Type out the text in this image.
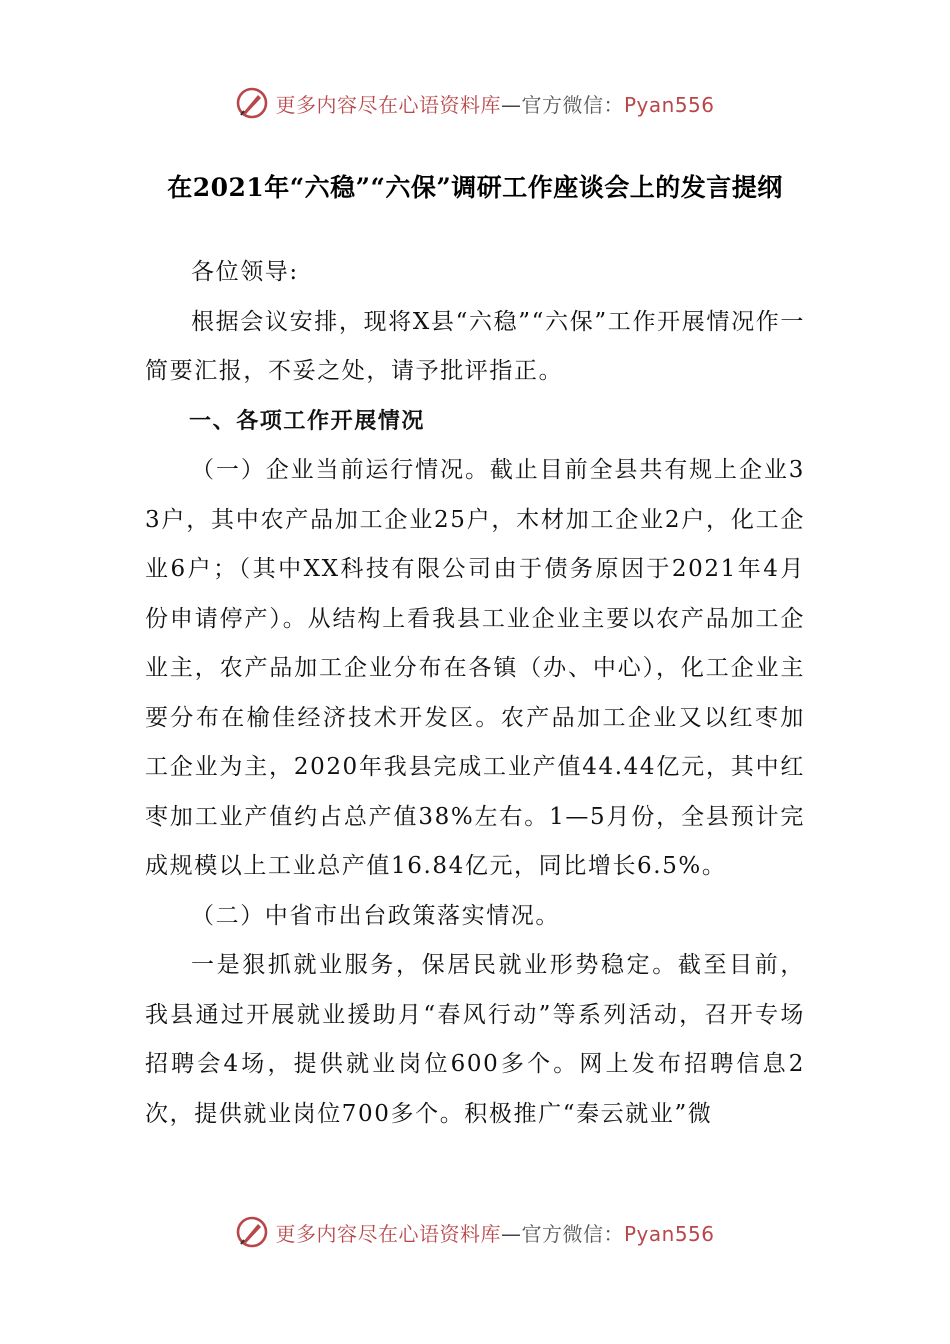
更多内容尽在心语资料库—官方微信：Pyan556
在2021年“六稳”“六保”调研工作座谈会上的发言提纲

各位领导:

根据会议安排，现将X县“六稳”“六保”工作开展情况作一简要汇报，不妥之处，请予批评指正。

一、各项工作开展情况

（一）企业当前运行情况。截止目前全县共有规上企业33户，其中农产品加工企业25户，木材加工企业2户，化工企业6户；（其中XX科技有限公司由于债务原因于2021年4月份申请停产）。从结构上看我县工业企业主要以农产品加工企业主，农产品加工企业分布在各镇（办、中心），化工企业主要分布在榆佳经济技术开发区。农产品加工企业又以红枣加工企业为主，2020年我县完成工业产值44.44亿元，其中红枣加工业产值约占总产值38%左右。1—5月份，全县预计完成规模以上工业总产值16.84亿元，同比增长6.5%。

（二）中省市出台政策落实情况。

一是狠抓就业服务，保居民就业形势稳定。截至目前，我县通过开展就业援助月“春风行动”等系列活动，召开专场招聘会4场，提供就业岗位600多个。网上发布招聘信息2次，提供就业岗位700多个。积极推广“秦云就业”微

更多内容尽在心语资料库—官方微信：Pyan556
